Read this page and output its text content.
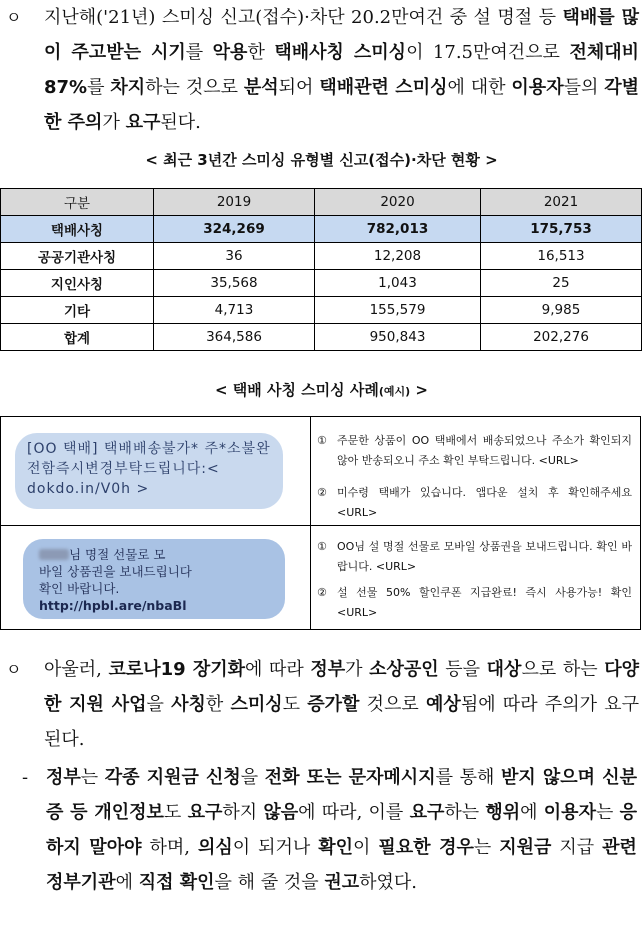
ㅇ 지난해('21년) 스미싱 신고(접수)·차단 20.2만여건 중 설 명절 등 택배를 많이 주고받는 시기를 악용한 택배사칭 스미싱이 17.5만여건으로 전체대비 87%를 차지하는 것으로 분석되어 택배관련 스미싱에 대한 이용자들의 각별한 주의가 요구된다.
< 최근 3년간 스미싱 유형별 신고(접수)·차단 현황 >
구분	2019	2020	2021
택배사칭	324,269	782,013	175,753
공공기관사칭	36	12,208	16,513
지인사칭	35,568	1,043	25
기타	4,713	155,579	9,985
합계	364,586	950,843	202,276
< 택배 사칭 스미싱 사례(예시) >
[OO 택배] 택배배송불가* 주*소불완전함즉시변경부탁드립니다:< dokdo.in/V0h >
① 주문한 상품이 OO 택배에서 배송되었으나 주소가 확인되지 않아 반송되오니 주소 확인 부탁드립니다. <URL>
② 미수령 택배가 있습니다. 앱다운 설치 후 확인해주세요 <URL>
님 명절 선물로 모
바일 상품권을 보내드립니다
확인 바랍니다.
http://hpbl.are/nbaBl
① OO님 설 명절 선물로 모바일 상품권을 보내드립니다. 확인 바랍니다. <URL>
② 설 선물 50% 할인쿠폰 지급완료! 즉시 사용가능! 확인 <URL>
ㅇ 아울러, 코로나19 장기화에 따라 정부가 소상공인 등을 대상으로 하는 다양한 지원 사업을 사칭한 스미싱도 증가할 것으로 예상됨에 따라 주의가 요구된다.
- 정부는 각종 지원금 신청을 전화 또는 문자메시지를 통해 받지 않으며 신분증 등 개인정보도 요구하지 않음에 따라, 이를 요구하는 행위에 이용자는 응하지 말아야 하며, 의심이 되거나 확인이 필요한 경우는 지원금 지급 관련 정부기관에 직접 확인을 해 줄 것을 권고하였다.
